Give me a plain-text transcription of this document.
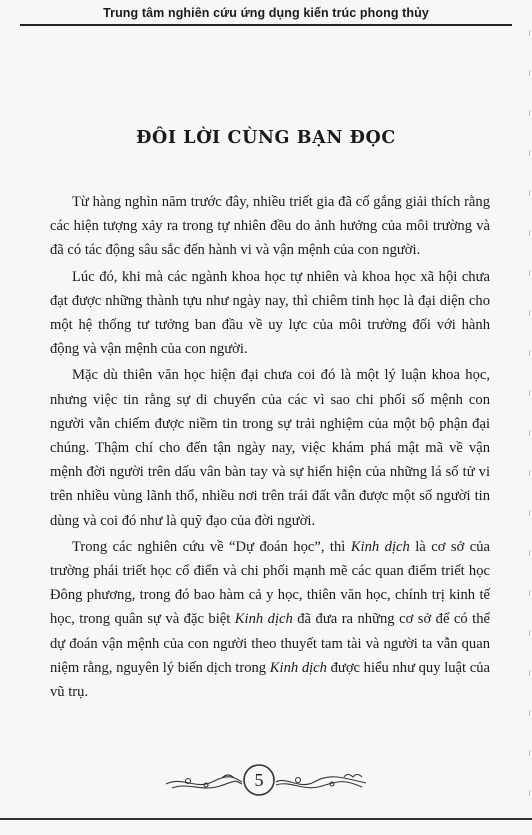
Trung tâm nghiên cứu ứng dụng kiến trúc phong thủy
ĐÔI LỜI CÙNG BẠN ĐỌC

Từ hàng nghìn năm trước đây, nhiều triết gia đã cố gắng giải thích rằng các hiện tượng xảy ra trong tự nhiên đều do ảnh hưởng của môi trường và đã có tác động sâu sắc đến hành vi và vận mệnh của con người.

Lúc đó, khi mà các ngành khoa học tự nhiên và khoa học xã hội chưa đạt được những thành tựu như ngày nay, thì chiêm tinh học là đại diện cho một hệ thống tư tưởng ban đầu về uy lực của môi trường đối với hành động và vận mệnh của con người.

Mặc dù thiên văn học hiện đại chưa coi đó là một lý luận khoa học, nhưng việc tin rằng sự di chuyển của các vì sao chi phối số mệnh con người vẫn chiếm được niềm tin trong sự trải nghiệm của một bộ phận đại chúng. Thậm chí cho đến tận ngày nay, việc khám phá mật mã về vận mệnh đời người trên dấu vân bàn tay và sự hiển hiện của những lá số tử vi trên nhiều vùng lãnh thổ, nhiều nơi trên trái đất vẫn được một số người tin dùng và coi đó như là quỹ đạo của đời người.

Trong các nghiên cứu về “Dự đoán học”, thì Kinh dịch là cơ sở của trường phái triết học cổ điển và chi phối mạnh mẽ các quan điểm triết học Đông phương, trong đó bao hàm cả y học, thiên văn học, chính trị kinh tế học, trong quân sự và đặc biệt Kinh dịch đã đưa ra những cơ sở để có thể dự đoán vận mệnh của con người theo thuyết tam tài và người ta vẫn quan niệm rằng, nguyên lý biến dịch trong Kinh dịch được hiểu như quy luật của vũ trụ.

5
